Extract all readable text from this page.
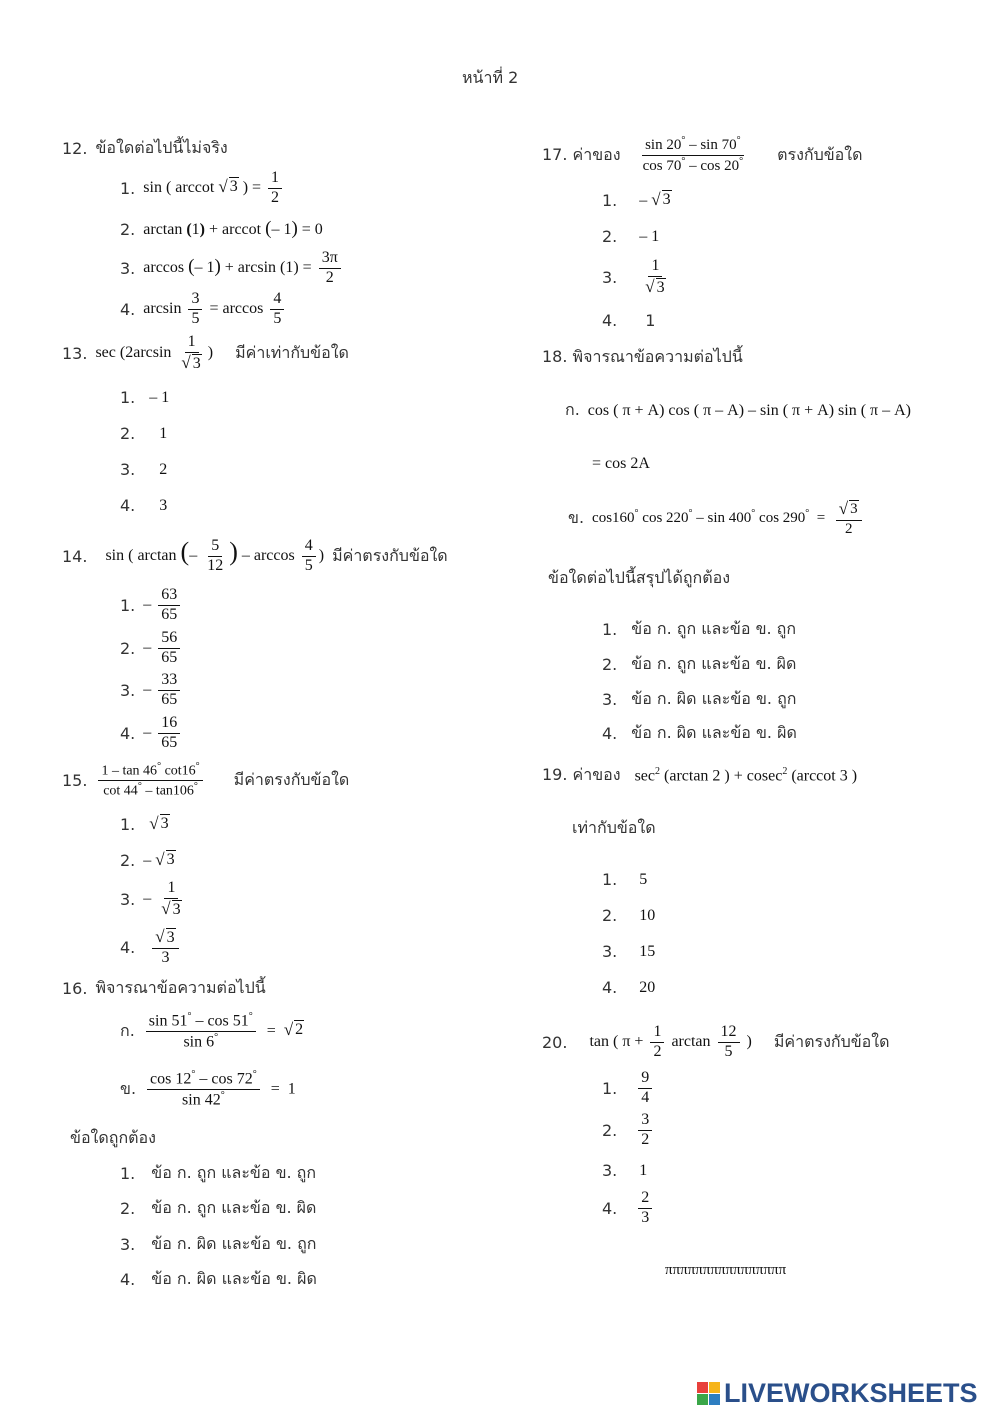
หน้าที่ 2
12. ข้อใดต่อไปนี้ไม่จริง
1. sin ( arccot √ 3 ) = $\frac{1}{2}$
2. arctan (1) + arccot (– 1) = 0
3. arccos (– $1) + \arcsin (1) = \frac{3\pi}{2}$
4. $\arcsin \frac{3}{5} = \arccos \frac{4}{5}$
13. $\sec (2\arcsin \frac{1}{√ 3}$ ) มีค่าเท่ากับข้อใด
1. – 1
2. 1
3. 2
4. 3
14. sin ( arctan (– $\frac{5}{12}$ ) – $\arccos \frac{4}{5}$ ) มีค่าตรงกับข้อใด
1. – $\frac{63}{65}$
2. – $\frac{56}{65}$
3. – $\frac{33}{65}$
4. – $\frac{16}{65}$
15. $\frac{1 - \tan 46^\circ \cot 16^\circ}{\cot 44^\circ - \tan 106^\circ}$ มีค่าตรงกับข้อใด
1. √ 3
2. – √ 3
3. – $\frac{1}{√ 3}$
4. $\frac{√ 3}{3}$
16. พิจารณาข้อความต่อไปนี้
ก. $\frac{\sin 51^\circ - \cos 51^\circ}{\sin 6^\circ}$ = √ 2
ข. $\frac{\cos 12^\circ - \cos 72^\circ}{\sin 42^\circ} = 1$
ข้อใดถูกต้อง
1. ข้อ ก. ถูก และข้อ ข. ถูก
2. ข้อ ก. ถูก และข้อ ข. ผิด
3. ข้อ ก. ผิด และข้อ ข. ถูก
4. ข้อ ก. ผิด และข้อ ข. ผิด
17. ค่าของ $\frac{\sin 20^\circ - \sin 70^\circ}{\cos 70^\circ - \cos 20^\circ}$ ตรงกับข้อใด
1. – √ 3
2. – 1
3. $\frac{1}{√ 3}$
4. 1
18. พิจารณาข้อความต่อไปนี้
ก. cos ( π + A) cos ( π – A) – sin ( π + A) sin ( π – A)
= cos 2A
ข. cos160° cos 220° – sin 400° $\cos 290^\circ = \frac{√ 3}{2}$
ข้อใดต่อไปนี้สรุปได้ถูกต้อง
1. ข้อ ก. ถูก และข้อ ข. ถูก
2. ข้อ ก. ถูก และข้อ ข. ผิด
3. ข้อ ก. ผิด และข้อ ข. ถูก
4. ข้อ ก. ผิด และข้อ ข. ผิด
19. ค่าของ $\sec^2 (\arctan$ 2 ) + cosec$^2$ (arccot 3 )
เท่ากับข้อใด
1. 5
2. 10
3. 15
4. 20
20. tan ( $\pi + \frac{1}{2}$ $\arctan \frac{12}{5}$ ) มีค่าตรงกับข้อใด
1. $\frac{9}{4}$
2. $\frac{3}{2}$
3. 1
4. $\frac{2}{3}$
ππππππππππππππππ
LIVEWORKSHEETS
